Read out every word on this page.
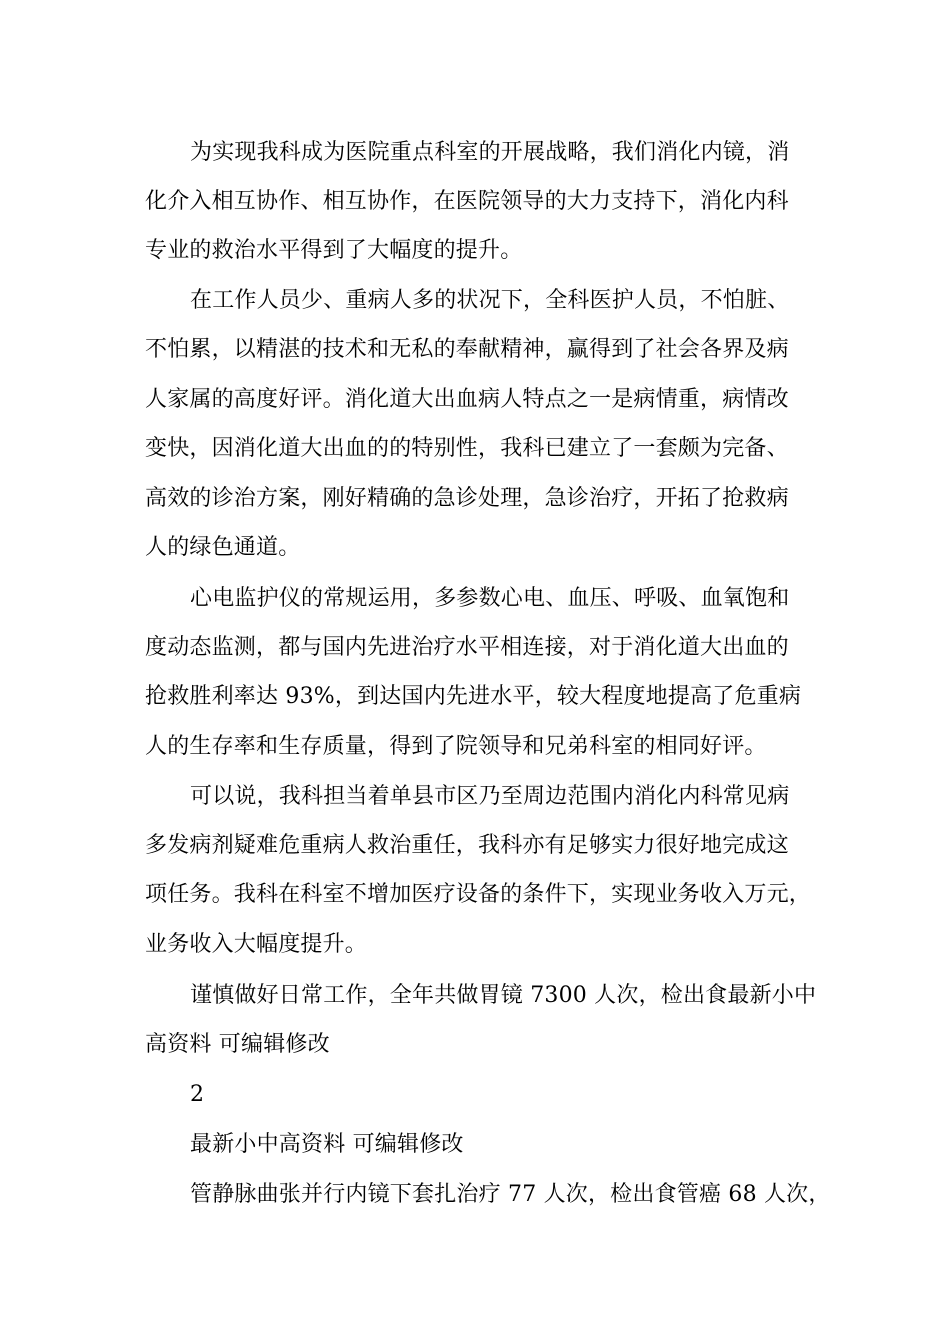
为实现我科成为医院重点科室的开展战略，我们消化内镜，消

化介入相互协作、相互协作，在医院领导的大力支持下，消化内科

专业的救治水平得到了大幅度的提升。

在工作人员少、重病人多的状况下，全科医护人员，不怕脏、

不怕累，以精湛的技术和无私的奉献精神，赢得到了社会各界及病

人家属的高度好评。消化道大出血病人特点之一是病情重，病情改

变快，因消化道大出血的的特别性，我科已建立了一套颇为完备、

高效的诊治方案，刚好精确的急诊处理，急诊治疗，开拓了抢救病

人的绿色通道。

心电监护仪的常规运用，多参数心电、血压、呼吸、血氧饱和

度动态监测，都与国内先进治疗水平相连接，对于消化道大出血的

抢救胜利率达 93%，到达国内先进水平，较大程度地提高了危重病

人的生存率和生存质量，得到了院领导和兄弟科室的相同好评。

可以说，我科担当着单县市区乃至周边范围内消化内科常见病

多发病剂疑难危重病人救治重任，我科亦有足够实力很好地完成这

项任务。我科在科室不增加医疗设备的条件下，实现业务收入万元，

业务收入大幅度提升。

谨慎做好日常工作，全年共做胃镜 7300 人次，检出食最新小中

高资料 可编辑修改

2

最新小中高资料 可编辑修改

管静脉曲张并行内镜下套扎治疗 77 人次，检出食管癌 68 人次，
